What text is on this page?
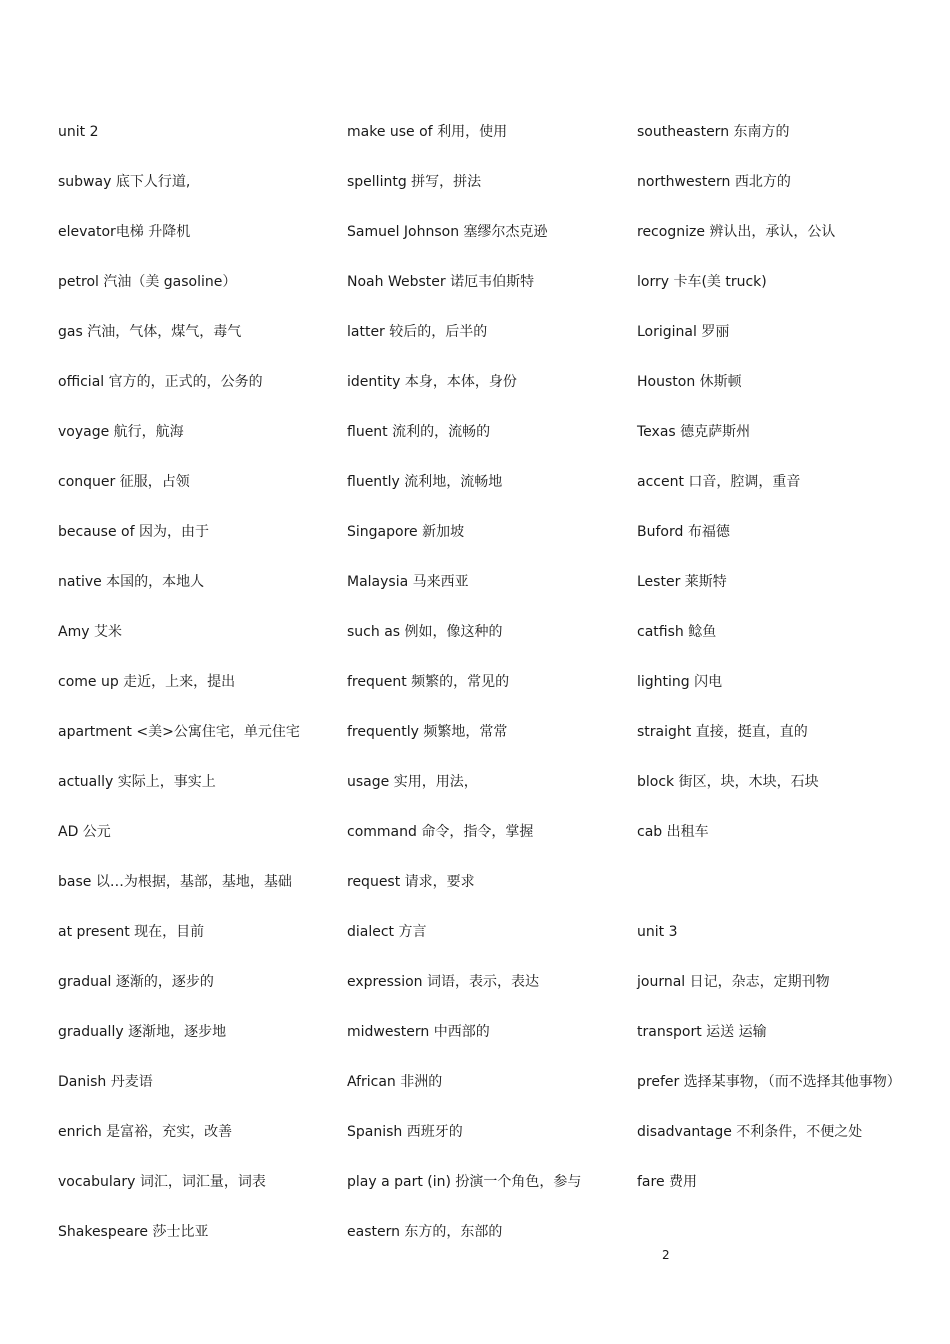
unit 2
subway 底下人行道,
elevator电梯 升降机
petrol 汽油（美 gasoline）
gas 汽油，气体，煤气，毒气
official 官方的，正式的，公务的
voyage 航行，航海
conquer 征服，占领
because of 因为，由于
native 本国的，本地人
Amy 艾米
come up 走近，上来，提出
apartment <美>公寓住宅，单元住宅
actually 实际上，事实上
AD 公元
base 以…为根据，基部，基地，基础
at present 现在，目前
gradual 逐渐的，逐步的
gradually 逐渐地，逐步地
Danish 丹麦语
enrich 是富裕，充实，改善
vocabulary 词汇，词汇量，词表
Shakespeare 莎士比亚
make use of 利用，使用
spellintg 拼写，拼法
Samuel Johnson 塞缪尔杰克逊
Noah Webster 诺厄韦伯斯特
latter 较后的，后半的
identity 本身，本体，身份
fluent 流利的，流畅的
fluently 流利地，流畅地
Singapore 新加坡
Malaysia 马来西亚
such as 例如，像这种的
frequent 频繁的，常见的
frequently 频繁地，常常
usage 实用，用法，
command 命令，指令，掌握
request 请求，要求
dialect 方言
expression 词语，表示，表达
midwestern 中西部的
African 非洲的
Spanish 西班牙的
play a part (in) 扮演一个角色，参与
eastern 东方的，东部的
southeastern 东南方的
northwestern 西北方的
recognize 辨认出，承认，公认
lorry 卡车(美 truck)
Loriginal 罗丽
Houston 休斯顿
Texas 德克萨斯州
accent 口音，腔调，重音
Buford 布福德
Lester 莱斯特
catfish 鲶鱼
lighting 闪电
straight 直接，挺直，直的
block 街区，块，木块，石块
cab 出租车
unit 3
journal 日记，杂志，定期刊物
transport 运送 运输
prefer 选择某事物，（而不选择其他事物）
disadvantage 不利条件，不便之处
fare 费用
2
